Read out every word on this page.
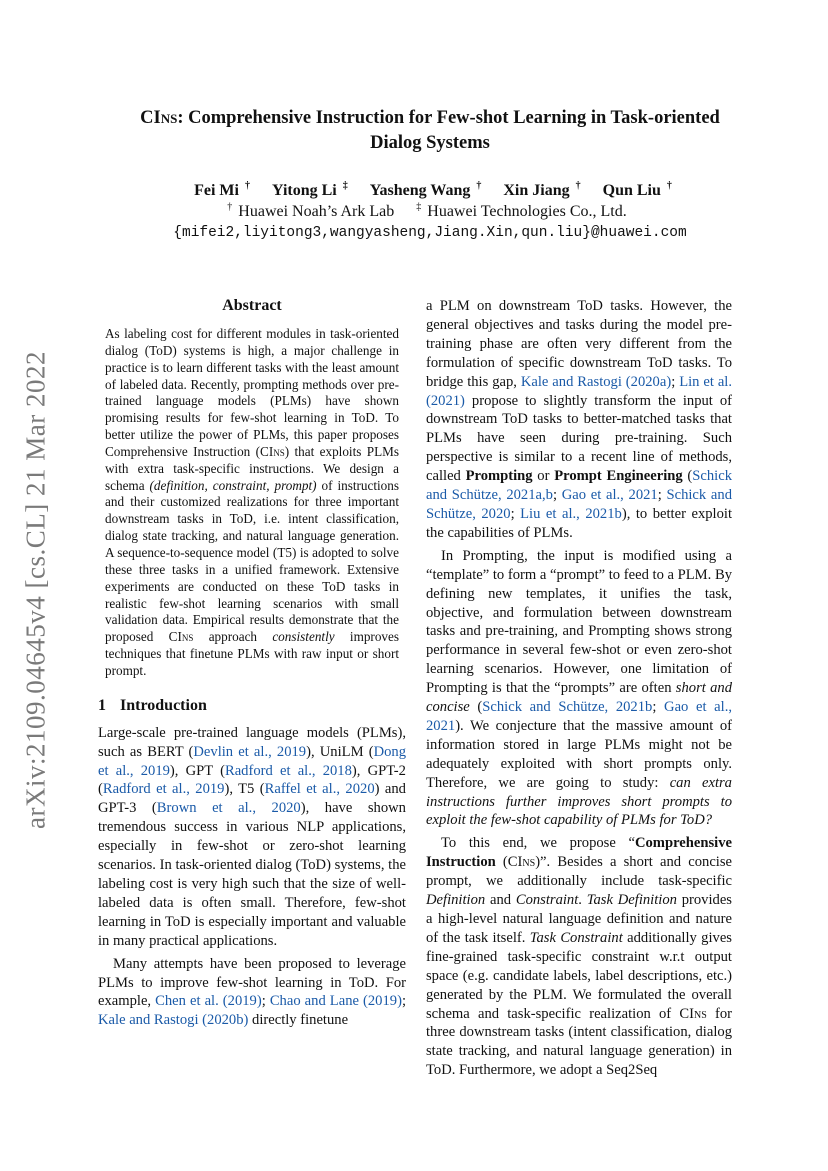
arXiv:2109.04645v4 [cs.CL] 21 Mar 2022
CIns: Comprehensive Instruction for Few-shot Learning in Task-oriented
Dialog Systems
Fei Mi † Yitong Li ‡ Yasheng Wang † Xin Jiang † Qun Liu †
† Huawei Noah’s Ark Lab ‡ Huawei Technologies Co., Ltd.
{mifei2,liyitong3,wangyasheng,Jiang.Xin,qun.liu}@huawei.com
Abstract

As labeling cost for different modules in task-oriented dialog (ToD) systems is high, a major challenge in practice is to learn different tasks with the least amount of labeled data. Recently, prompting methods over pre-trained language models (PLMs) have shown promising results for few-shot learning in ToD. To better utilize the power of PLMs, this paper proposes Comprehensive Instruction (CIns) that exploits PLMs with extra task-specific instructions. We design a schema (definition, constraint, prompt) of instructions and their customized realizations for three important downstream tasks in ToD, i.e. intent classification, dialog state tracking, and natural language generation. A sequence-to-sequence model (T5) is adopted to solve these three tasks in a unified framework. Extensive experiments are conducted on these ToD tasks in realistic few-shot learning scenarios with small validation data. Empirical results demonstrate that the proposed CIns approach consistently improves techniques that finetune PLMs with raw input or short prompt.

1 Introduction

Large-scale pre-trained language models (PLMs), such as BERT (Devlin et al., 2019), UniLM (Dong et al., 2019), GPT (Radford et al., 2018), GPT-2 (Radford et al., 2019), T5 (Raffel et al., 2020) and GPT-3 (Brown et al., 2020), have shown tremendous success in various NLP applications, especially in few-shot or zero-shot learning scenarios. In task-oriented dialog (ToD) systems, the labeling cost is very high such that the size of well-labeled data is often small. Therefore, few-shot learning in ToD is especially important and valuable in many practical applications.

Many attempts have been proposed to leverage PLMs to improve few-shot learning in ToD. For example, Chen et al. (2019); Chao and Lane (2019); Kale and Rastogi (2020b) directly finetune

a PLM on downstream ToD tasks. However, the general objectives and tasks during the model pre-training phase are often very different from the formulation of specific downstream ToD tasks. To bridge this gap, Kale and Rastogi (2020a); Lin et al. (2021) propose to slightly transform the input of downstream ToD tasks to better-matched tasks that PLMs have seen during pre-training. Such perspective is similar to a recent line of methods, called Prompting or Prompt Engineering (Schick and Schütze, 2021a,b; Gao et al., 2021; Schick and Schütze, 2020; Liu et al., 2021b), to better exploit the capabilities of PLMs.

In Prompting, the input is modified using a “template” to form a “prompt” to feed to a PLM. By defining new templates, it unifies the task, objective, and formulation between downstream tasks and pre-training, and Prompting shows strong performance in several few-shot or even zero-shot learning scenarios. However, one limitation of Prompting is that the “prompts” are often short and concise (Schick and Schütze, 2021b; Gao et al., 2021). We conjecture that the massive amount of information stored in large PLMs might not be adequately exploited with short prompts only. Therefore, we are going to study: can extra instructions further improves short prompts to exploit the few-shot capability of PLMs for ToD?

To this end, we propose “Comprehensive Instruction (CIns)”. Besides a short and concise prompt, we additionally include task-specific Definition and Constraint. Task Definition provides a high-level natural language definition and nature of the task itself. Task Constraint additionally gives fine-grained task-specific constraint w.r.t output space (e.g. candidate labels, label descriptions, etc.) generated by the PLM. We formulated the overall schema and task-specific realization of CIns for three downstream tasks (intent classification, dialog state tracking, and natural language generation) in ToD. Furthermore, we adopt a Seq2Seq
